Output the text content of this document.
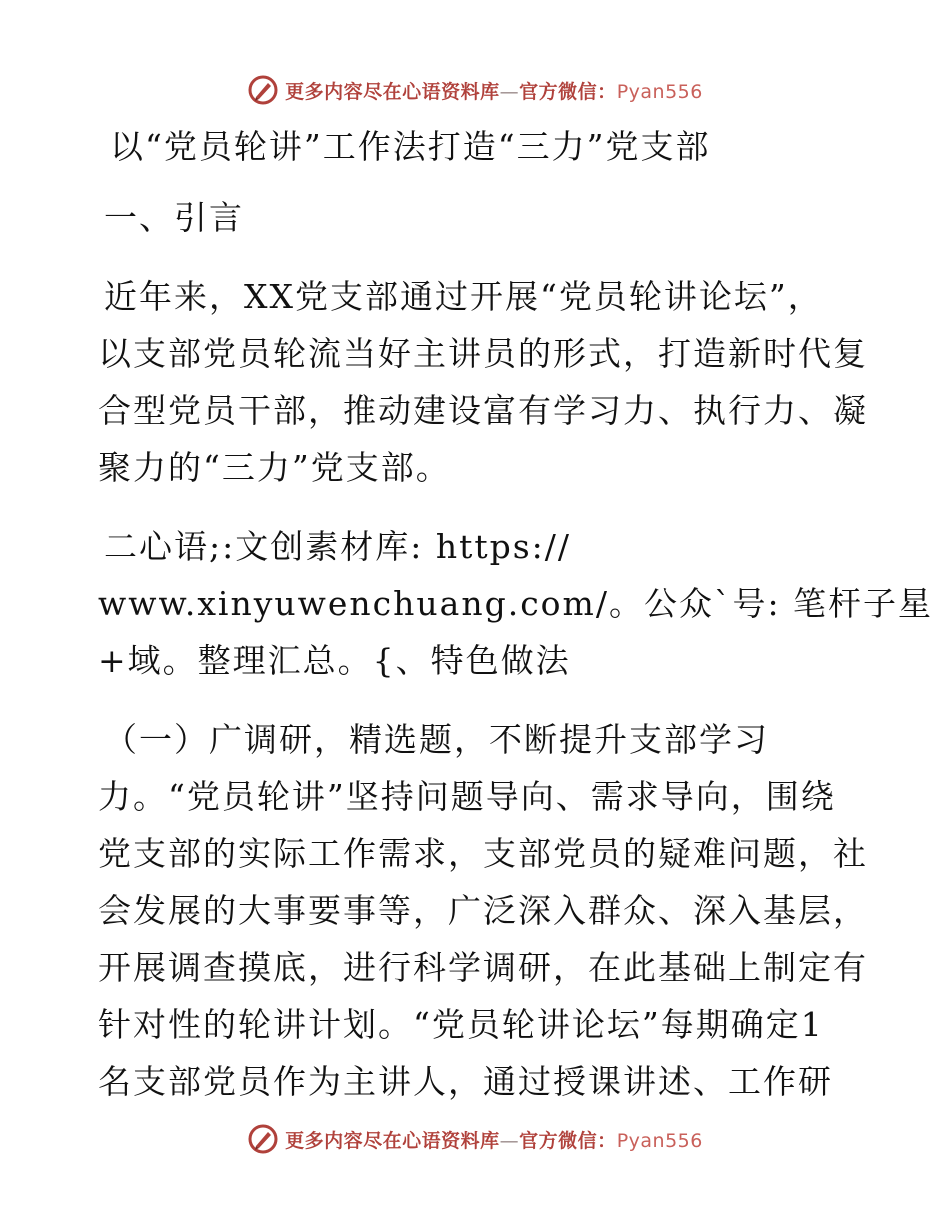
更多内容尽在心语资料库—官方微信：Pyan556
以“党员轮讲”工作法打造“三力”党支部
一、引言
近年来，XX党支部通过开展“党员轮讲论坛”，
以支部党员轮流当好主讲员的形式，打造新时代复
合型党员干部，推动建设富有学习力、执行力、凝
聚力的“三力”党支部。
二心语;:文创素材库: https://
www.xinyuwenchuang.com/。公众`号: 笔杆子星
+域。整理汇总。{、特色做法
（一）广调研，精选题，不断提升支部学习
力。“党员轮讲”坚持问题导向、需求导向，围绕
党支部的实际工作需求，支部党员的疑难问题，社
会发展的大事要事等，广泛深入群众、深入基层，
开展调查摸底，进行科学调研，在此基础上制定有
针对性的轮讲计划。“党员轮讲论坛”每期确定1
名支部党员作为主讲人，通过授课讲述、工作研
更多内容尽在心语资料库—官方微信：Pyan556
